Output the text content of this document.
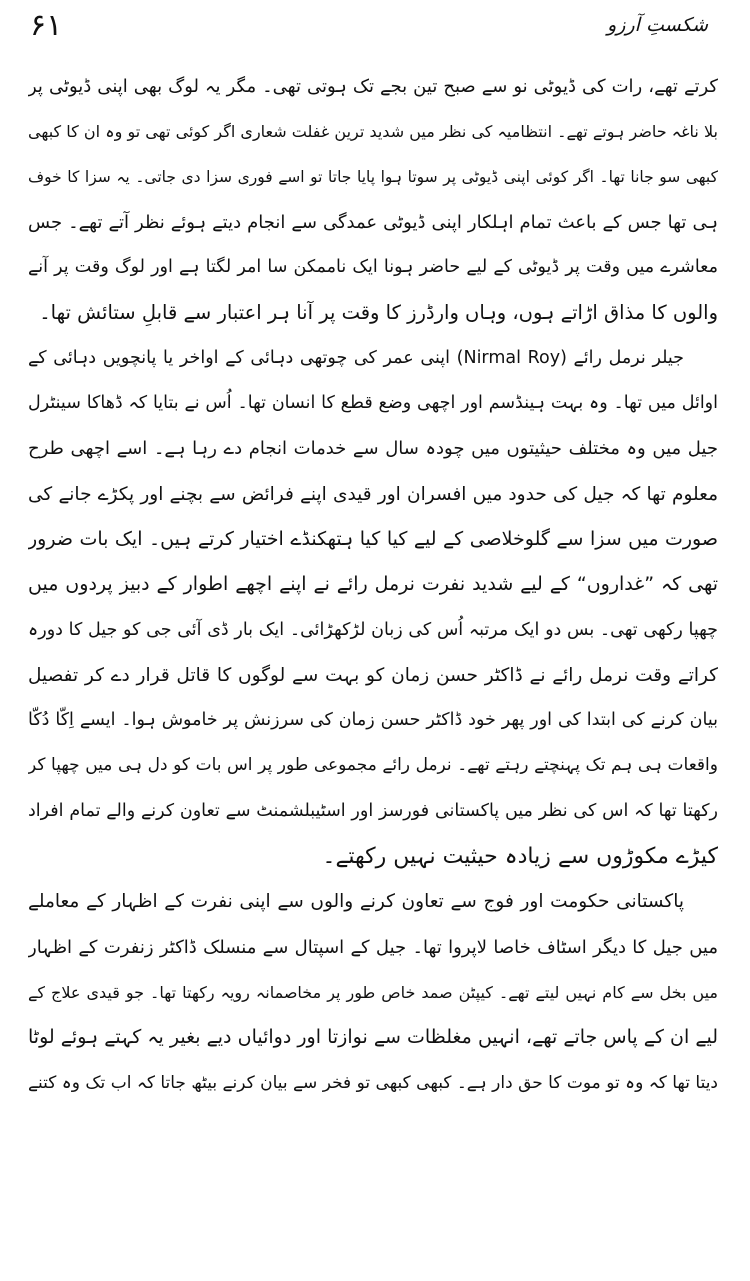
۶۱	شکستِ آرزو
کرتے تھے، رات کی ڈیوٹی نو سے صبح تین بجے تک ہوتی تھی۔ مگر یہ لوگ بھی اپنی ڈیوٹی پر
بلا ناغہ حاضر ہوتے تھے۔ انتظامیہ کی نظر میں شدید ترین غفلت شعاری اگر کوئی تھی تو وہ ان کا کبھی
کبھی سو جانا تھا۔ اگر کوئی اپنی ڈیوٹی پر سوتا ہوا پایا جاتا تو اسے فوری سزا دی جاتی۔ یہ سزا کا خوف
ہی تھا جس کے باعث تمام اہلکار اپنی ڈیوٹی عمدگی سے انجام دیتے ہوئے نظر آتے تھے۔ جس
معاشرے میں وقت پر ڈیوٹی کے لیے حاضر ہونا ایک ناممکن سا امر لگتا ہے اور لوگ وقت پر آنے
والوں کا مذاق اڑاتے ہوں، وہاں وارڈرز کا وقت پر آنا ہر اعتبار سے قابلِ ستائش تھا۔
جیلر نرمل رائے (Nirmal Roy) اپنی عمر کی چوتھی دہائی کے اواخر یا پانچویں دہائی کے
اوائل میں تھا۔ وہ بہت ہینڈسم اور اچھی وضع قطع کا انسان تھا۔ اُس نے بتایا کہ ڈھاکا سینٹرل
جیل میں وہ مختلف حیثیتوں میں چودہ سال سے خدمات انجام دے رہا ہے۔ اسے اچھی طرح
معلوم تھا کہ جیل کی حدود میں افسران اور قیدی اپنے فرائض سے بچنے اور پکڑے جانے کی
صورت میں سزا سے گلوخلاصی کے لیے کیا کیا ہتھکنڈے اختیار کرتے ہیں۔ ایک بات ضرور
تھی کہ ”غداروں“ کے لیے شدید نفرت نرمل رائے نے اپنے اچھے اطوار کے دبیز پردوں میں
چھپا رکھی تھی۔ بس دو ایک مرتبہ اُس کی زبان لڑکھڑائی۔ ایک بار ڈی آئی جی کو جیل کا دورہ
کراتے وقت نرمل رائے نے ڈاکٹر حسن زمان کو بہت سے لوگوں کا قاتل قرار دے کر تفصیل
بیان کرنے کی ابتدا کی اور پھر خود ڈاکٹر حسن زمان کی سرزنش پر خاموش ہوا۔ ایسے اِکّا دُکّا
واقعات ہی ہم تک پہنچتے رہتے تھے۔ نرمل رائے مجموعی طور پر اس بات کو دل ہی میں چھپا کر
رکھتا تھا کہ اس کی نظر میں پاکستانی فورسز اور اسٹیبلشمنٹ سے تعاون کرنے والے تمام افراد
کیڑے مکوڑوں سے زیادہ حیثیت نہیں رکھتے۔
پاکستانی حکومت اور فوج سے تعاون کرنے والوں سے اپنی نفرت کے اظہار کے معاملے
میں جیل کا دیگر اسٹاف خاصا لاپروا تھا۔ جیل کے اسپتال سے منسلک ڈاکٹر زنفرت کے اظہار
میں بخل سے کام نہیں لیتے تھے۔ کیپٹن صمد خاص طور پر مخاصمانہ رویہ رکھتا تھا۔ جو قیدی علاج کے
لیے ان کے پاس جاتے تھے، انہیں مغلظات سے نوازتا اور دوائیاں دیے بغیر یہ کہتے ہوئے لوٹا
دیتا تھا کہ وہ تو موت کا حق دار ہے۔ کبھی کبھی تو فخر سے بیان کرنے بیٹھ جاتا کہ اب تک وہ کتنے
